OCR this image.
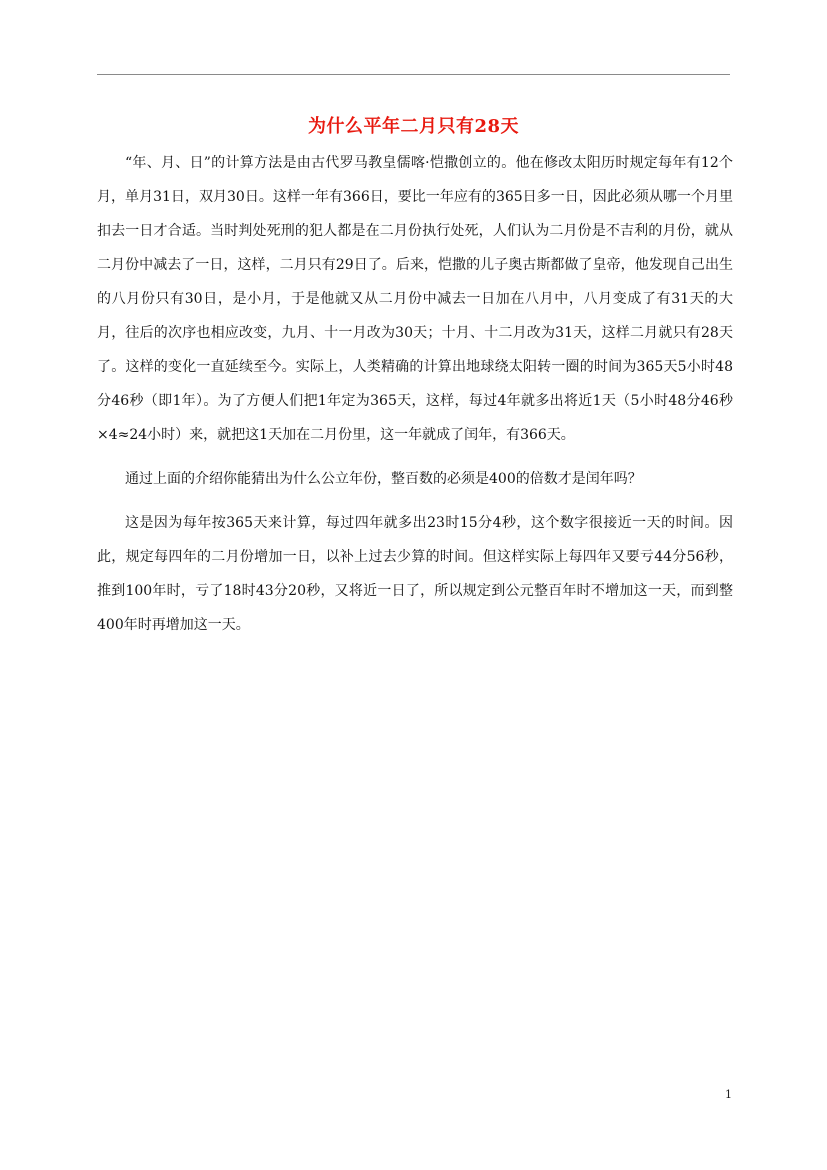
为什么平年二月只有28天

“年、月、日”的计算方法是由古代罗马教皇儒喀·恺撒创立的。他在修改太阳历时规定每年有12个月，单月31日，双月30日。这样一年有366日，要比一年应有的365日多一日，因此必须从哪一个月里扣去一日才合适。当时判处死刑的犯人都是在二月份执行处死，人们认为二月份是不吉利的月份，就从二月份中减去了一日，这样，二月只有29日了。后来，恺撒的儿子奥古斯都做了皇帝，他发现自己出生的八月份只有30日，是小月，于是他就又从二月份中减去一日加在八月中，八月变成了有31天的大月，往后的次序也相应改变，九月、十一月改为30天；十月、十二月改为31天，这样二月就只有28天了。这样的变化一直延续至今。实际上，人类精确的计算出地球绕太阳转一圈的时间为365天5小时48分46秒（即1年）。为了方便人们把1年定为365天，这样，每过4年就多出将近1天（5小时48分46秒×4≈24小时）来，就把这1天加在二月份里，这一年就成了闰年，有366天。

通过上面的介绍你能猜出为什么公立年份，整百数的必须是400的倍数才是闰年吗？

这是因为每年按365天来计算，每过四年就多出23时15分4秒，这个数字很接近一天的时间。因此，规定每四年的二月份增加一日，以补上过去少算的时间。但这样实际上每四年又要亏44分56秒，推到100年时，亏了18时43分20秒，又将近一日了，所以规定到公元整百年时不增加这一天，而到整400年时再增加这一天。

1
